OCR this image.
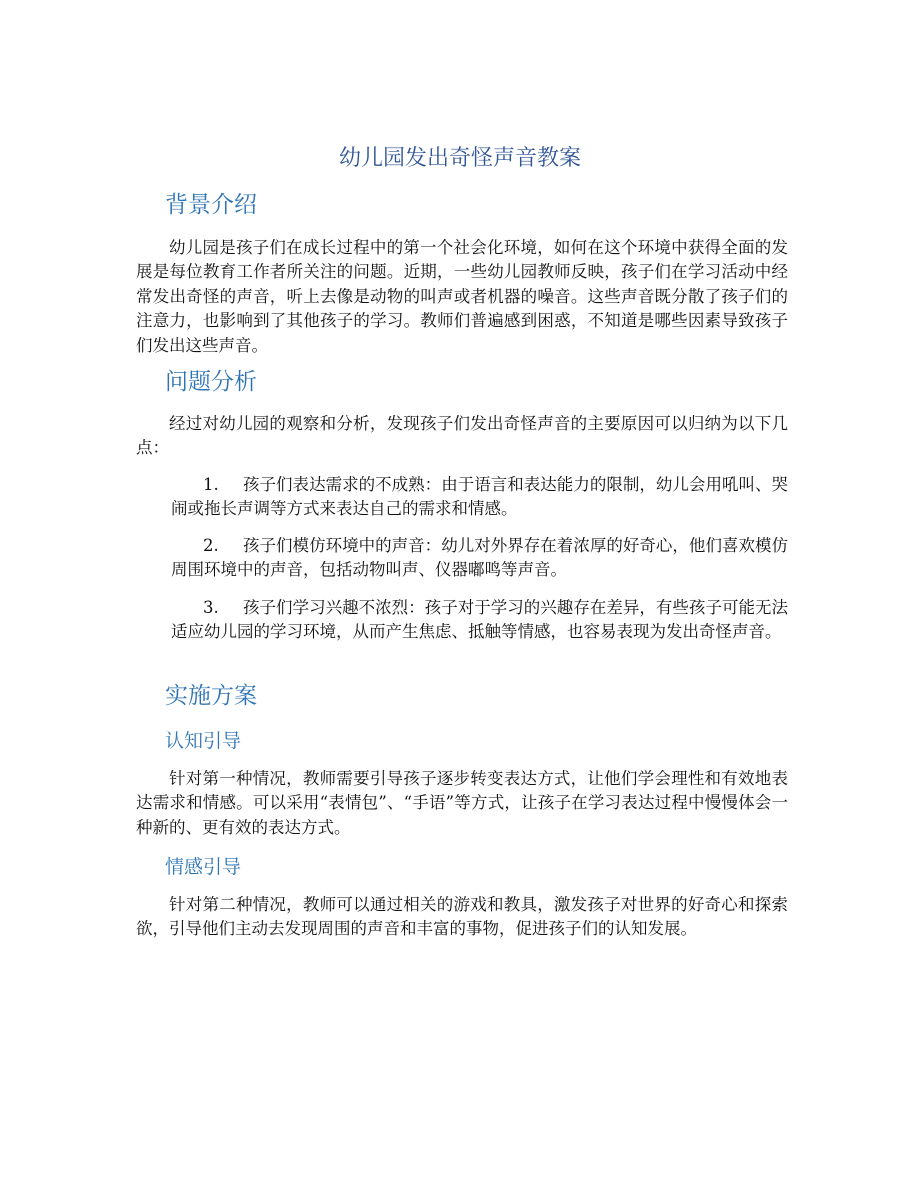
幼儿园发出奇怪声音教案
背景介绍

幼儿园是孩子们在成长过程中的第一个社会化环境，如何在这个环境中获得全面的发展是每位教育工作者所关注的问题。近期，一些幼儿园教师反映，孩子们在学习活动中经常发出奇怪的声音，听上去像是动物的叫声或者机器的噪音。这些声音既分散了孩子们的注意力，也影响到了其他孩子的学习。教师们普遍感到困惑，不知道是哪些因素导致孩子们发出这些声音。

问题分析

经过对幼儿园的观察和分析，发现孩子们发出奇怪声音的主要原因可以归纳为以下几点：

1. 孩子们表达需求的不成熟：由于语言和表达能力的限制，幼儿会用吼叫、哭闹或拖长声调等方式来表达自己的需求和情感。
2. 孩子们模仿环境中的声音：幼儿对外界存在着浓厚的好奇心，他们喜欢模仿周围环境中的声音，包括动物叫声、仪器嘟鸣等声音。
3. 孩子们学习兴趣不浓烈：孩子对于学习的兴趣存在差异，有些孩子可能无法适应幼儿园的学习环境，从而产生焦虑、抵触等情感，也容易表现为发出奇怪声音。
实施方案
认知引导

针对第一种情况，教师需要引导孩子逐步转变表达方式，让他们学会理性和有效地表达需求和情感。可以采用“表情包”、“手语”等方式，让孩子在学习表达过程中慢慢体会一种新的、更有效的表达方式。

情感引导

针对第二种情况，教师可以通过相关的游戏和教具，激发孩子对世界的好奇心和探索欲，引导他们主动去发现周围的声音和丰富的事物，促进孩子们的认知发展。
